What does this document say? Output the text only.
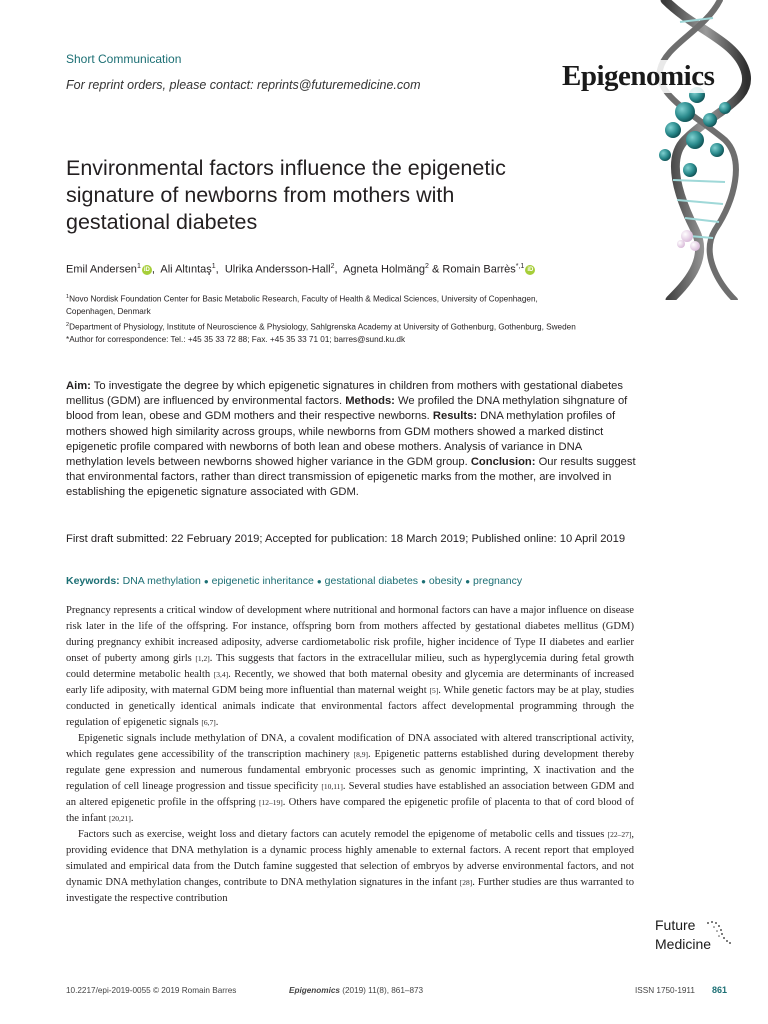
Short Communication
For reprint orders, please contact: reprints@futuremedicine.com	Epigenomics
Environmental factors influence the epigenetic signature of newborns from mothers with gestational diabetes
Emil Andersen$^1$ iD ,  Ali Altıntaş$^1$,  Ulrika Andersson-Hall$^2$,  Agneta Holmäng$^2$ & Romain Barrès$^{*,1}$ iD
$^1$Novo Nordisk Foundation Center for Basic Metabolic Research, Faculty of Health & Medical Sciences, University of Copenhagen, Copenhagen, Denmark
$^2$Department of Physiology, Institute of Neuroscience & Physiology, Sahlgrenska Academy at University of Gothenburg, Gothenburg, Sweden
*Author for correspondence: Tel.: +45 35 33 72 88; Fax. +45 35 33 71 01; barres@sund.ku.dk

Aim: To investigate the degree by which epigenetic signatures in children from mothers with gestational diabetes mellitus (GDM) are influenced by environmental factors. Methods: We profiled the DNA methylation sihgnature of blood from lean, obese and GDM mothers and their respective newborns. Results: DNA methylation profiles of mothers showed high similarity across groups, while newborns from GDM mothers showed a marked distinct epigenetic profile compared with newborns of both lean and obese mothers. Analysis of variance in DNA methylation levels between newborns showed higher variance in the GDM group. Conclusion: Our results suggest that environmental factors, rather than direct transmission of epigenetic marks from the mother, are involved in establishing the epigenetic signature associated with GDM.

First draft submitted: 22 February 2019; Accepted for publication: 18 March 2019; Published online: 10 April 2019

Keywords: DNA methylation ● epigenetic inheritance ● gestational diabetes ● obesity ● pregnancy

Pregnancy represents a critical window of development where nutritional and hormonal factors can have a major influence on disease risk later in the life of the offspring. For instance, offspring born from mothers affected by gestational diabetes mellitus (GDM) during pregnancy exhibit increased adiposity, adverse cardiometabolic risk profile, higher incidence of Type II diabetes and earlier onset of puberty among girls [1,2]. This suggests that factors in the extracellular milieu, such as hyperglycemia during fetal growth could determine metabolic health [3,4]. Recently, we showed that both maternal obesity and glycemia are determinants of increased early life adiposity, with maternal GDM being more influential than maternal weight [5]. While genetic factors may be at play, studies conducted in genetically identical animals indicate that environmental factors affect developmental programming through the regulation of epigenetic signals [6,7].

Epigenetic signals include methylation of DNA, a covalent modification of DNA associated with altered transcriptional activity, which regulates gene accessibility of the transcription machinery [8,9]. Epigenetic patterns established during development thereby regulate gene expression and numerous fundamental embryonic processes such as genomic imprinting, X inactivation and the regulation of cell lineage progression and tissue specificity [10,11]. Several studies have established an association between GDM and an altered epigenetic profile in the offspring [12–19]. Others have compared the epigenetic profile of placenta to that of cord blood of the infant [20,21].

Factors such as exercise, weight loss and dietary factors can acutely remodel the epigenome of metabolic cells and tissues [22–27], providing evidence that DNA methylation is a dynamic process highly amenable to external factors. A recent report that employed simulated and empirical data from the Dutch famine suggested that selection of embryos by adverse environmental factors, and not dynamic DNA methylation changes, contribute to DNA methylation signatures in the infant [28]. Further studies are thus warranted to investigate the respective contribution

Future
Medicine
10.2217/epi-2019-0055 © 2019 Romain Barres	Epigenomics (2019) 11(8), 861–873	ISSN 1750-1911 861
